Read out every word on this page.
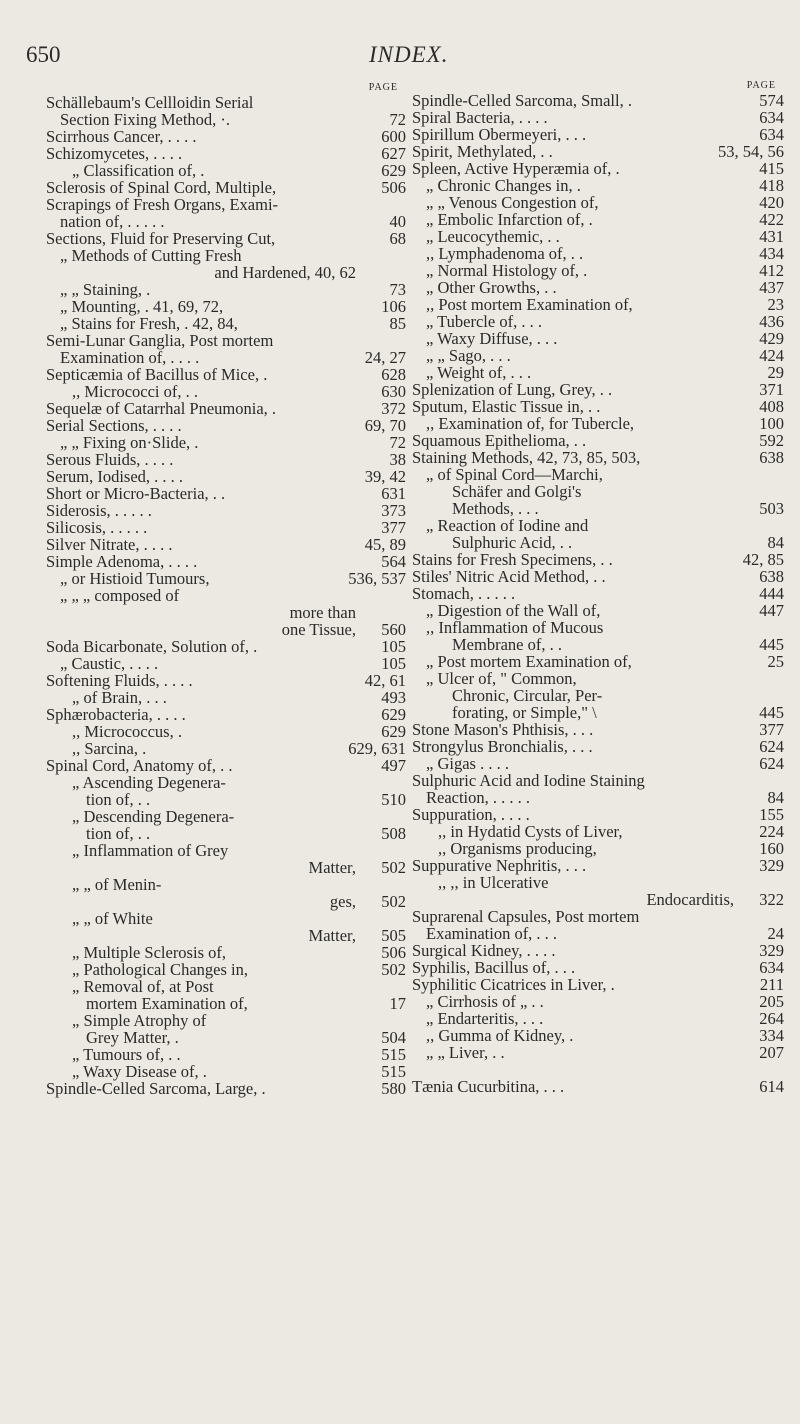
650	INDEX.
PAGE
Schällebaum's Cellloidin Serial
Section Fixing Method, ·.	72
Scirrhous Cancer, . . . .	600
Schizomycetes, . . . .	627
„ Classification of, .	629
Sclerosis of Spinal Cord, Multiple,	506
Scrapings of Fresh Organs, Exami-
nation of, . . . . .	40
Sections, Fluid for Preserving Cut,	68
„ Methods of Cutting Fresh
and Hardened, 40, 62
„ „ Staining, .	73
„ Mounting, . 41, 69, 72,	106
„ Stains for Fresh, . 42, 84,	85
Semi-Lunar Ganglia, Post mortem
Examination of, . . . .	24, 27
Septicæmia of Bacillus of Mice, .	628
,, Micrococci of, . .	630
Sequelæ of Catarrhal Pneumonia, .	372
Serial Sections, . . . .	69, 70
„ „ Fixing on·Slide, .	72
Serous Fluids, . . . .	38
Serum, Iodised, . . . .	39, 42
Short or Micro-Bacteria, . .	631
Siderosis, . . . . .	373
Silicosis, . . . . .	377
Silver Nitrate, . . . .	45, 89
Simple Adenoma, . . . .	564
„ or Histioid Tumours,	536, 537
„ „ „ composed of
more than
one Tissue, 560
Soda Bicarbonate, Solution of, .	105
„ Caustic, . . . .	105
Softening Fluids, . . . .	42, 61
„ of Brain, . . .	493
Sphærobacteria, . . . .	629
,, Micrococcus, .	629
,, Sarcina, .	629, 631
Spinal Cord, Anatomy of, . .	497
„ Ascending Degenera-
tion of, . .	510
„ Descending Degenera-
tion of, . .	508
„ Inflammation of Grey
Matter, 502
„ „ of Menin-
ges, 502
„ „ of White
Matter, 505
„ Multiple Sclerosis of,	506
„ Pathological Changes in,	502
„ Removal of, at Post
mortem Examination of,	17
„ Simple Atrophy of
Grey Matter, .	504
„ Tumours of, . .	515
„ Waxy Disease of, .	515
Spindle-Celled Sarcoma, Large, .	580
PAGE
Spindle-Celled Sarcoma, Small, .	574
Spiral Bacteria, . . . .	634
Spirillum Obermeyeri, . . .	634
Spirit, Methylated, . .	53, 54, 56
Spleen, Active Hyperæmia of, .	415
„ Chronic Changes in, .	418
„ „ Venous Congestion of,	420
„ Embolic Infarction of, .	422
„ Leucocythemic, . .	431
,, Lymphadenoma of, . .	434
„ Normal Histology of, .	412
„ Other Growths, . .	437
,, Post mortem Examination of,	23
„ Tubercle of, . . .	436
„ Waxy Diffuse, . . .	429
„ „ Sago, . . .	424
„ Weight of, . . .	29
Splenization of Lung, Grey, . .	371
Sputum, Elastic Tissue in, . .	408
,, Examination of, for Tubercle,	100
Squamous Epithelioma, . .	592
Staining Methods, 42, 73, 85, 503,	638
„ of Spinal Cord—Marchi,
Schäfer and Golgi's
Methods, . . .	503
„ Reaction of Iodine and
Sulphuric Acid, . .	84
Stains for Fresh Specimens, . .	42, 85
Stiles' Nitric Acid Method, . .	638
Stomach, . . . . .	444
„ Digestion of the Wall of,	447
,, Inflammation of Mucous
Membrane of, . .	445
„ Post mortem Examination of,	25
„ Ulcer of, " Common,
Chronic, Circular, Per-
forating, or Simple," \	445
Stone Mason's Phthisis, . . .	377
Strongylus Bronchialis, . . .	624
„ Gigas . . . .	624
Sulphuric Acid and Iodine Staining
Reaction, . . . . .	84
Suppuration, . . . .	155
,, in Hydatid Cysts of Liver,	224
,, Organisms producing,	160
Suppurative Nephritis, . . .	329
,, ,, in Ulcerative
Endocarditis, 322
Suprarenal Capsules, Post mortem
Examination of, . . .	24
Surgical Kidney, . . . .	329
Syphilis, Bacillus of, . . .	634
Syphilitic Cicatrices in Liver, .	211
„ Cirrhosis of „ . .	205
„ Endarteritis, . . .	264
,, Gumma of Kidney, .	334
„ „ Liver, . .	207
Tænia Cucurbitina, . . .	614
